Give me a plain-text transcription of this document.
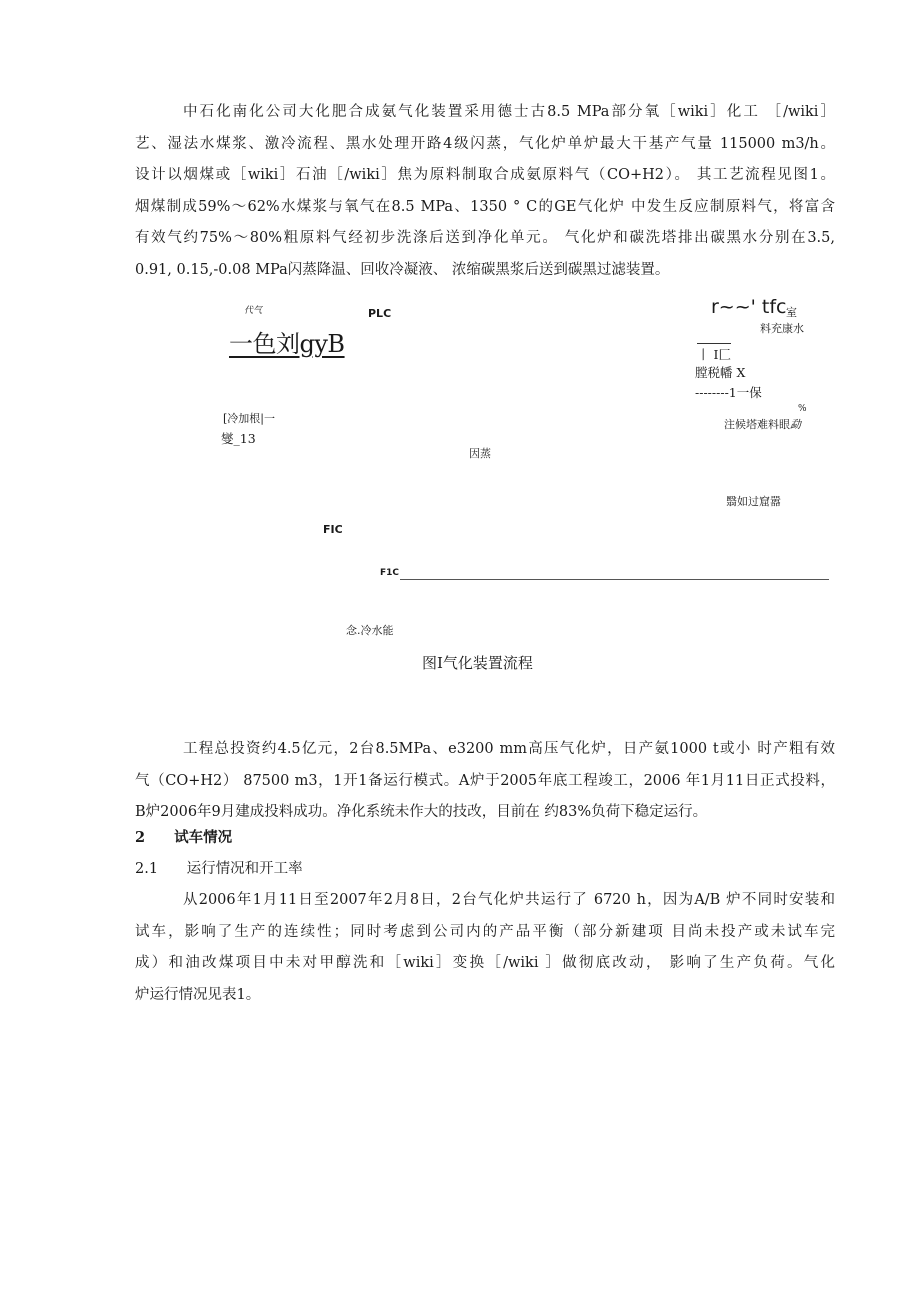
中石化南化公司大化肥合成氨气化装置采用德士古8.5 MPa部分氧［wiki］化工 ［/wiki］
艺、湿法水煤浆、激冷流程、黑水处理开路4级闪蒸，气化炉单炉最大干基产气量 115000 m3/h。
设计以烟煤或［wiki］石油［/wiki］焦为原料制取合成氨原料气（CO+H2）。 其工艺流程见图1。
烟煤制成59%～62%水煤浆与氧气在8.5 MPa、1350 ° C的GE气化炉 中发生反应制原料气，将富含
有效气约75%～80%粗原料气经初步洗涤后送到净化单元。 气化炉和碳洗塔排出碳黑水分别在3.5,
0.91, 0.15,-0.08 MPa闪蒸降温、回收冷凝液、 浓缩碳黑浆后送到碳黑过滤装置。
代气	PLC
一色刘gyB
r~~' tfc 室
料充康水
丨 I匚
膛税幡 X
--------1一保
%
注候塔难料眼勐
[冷加根|一
燮_13
因蒸
翳如过窟嚣
FIC
F1C
念.冷水能
图I气化装置流程
工程总投资约4.5亿元，2台8.5MPa、e3200 mm高压气化炉，日产氨1000 t或小 时产粗有效
气（CO+H2） 87500 m3，1开1备运行模式。A炉于2005年底工程竣工，2006 年1月11日正式投料，
B炉2006年9月建成投料成功。净化系统未作大的技改，目前在 约83%负荷下稳定运行。
2 试车情况
2.1 运行情况和开工率
从2006年1月11日至2007年2月8日，2台气化炉共运行了 6720 h，因为A/B 炉不同时安装和
试车，影响了生产的连续性；同时考虑到公司内的产品平衡（部分新建项 目尚未投产或未试车完
成）和油改煤项目中未对甲醇洗和［wiki］变换［/wiki ］做彻底改动， 影响了生产负荷。气化
炉运行情况见表1。
